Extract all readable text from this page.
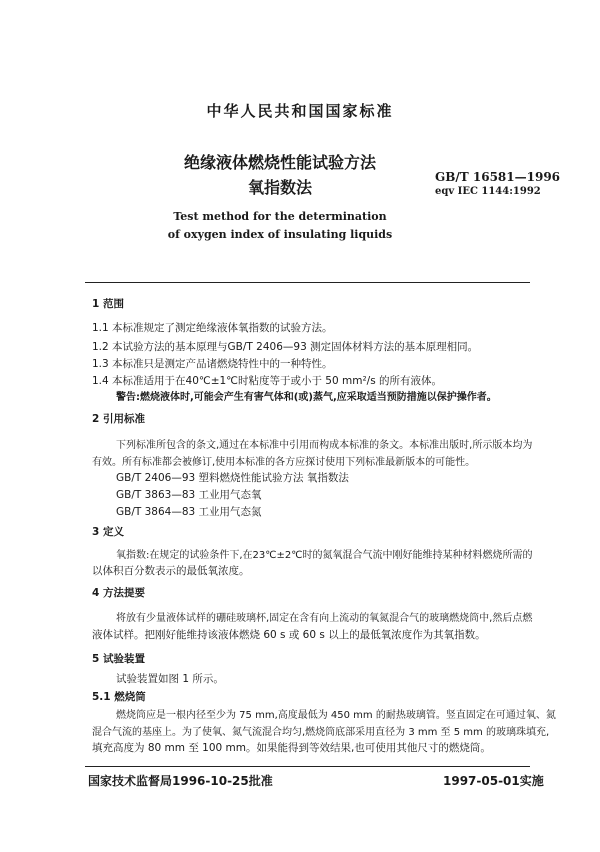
中华人民共和国国家标准
绝缘液体燃烧性能试验方法
氧指数法
Test method for the determination
of oxygen index of insulating liquids
GB/T 16581—1996
eqv IEC 1144:1992
1 范围
1.1 本标准规定了测定绝缘液体氧指数的试验方法。
1.2 本试验方法的基本原理与GB/T 2406—93 测定固体材料方法的基本原理相同。
1.3 本标准只是测定产品诸燃烧特性中的一种特性。
1.4 本标准适用于在40℃±1℃时粘度等于或小于 50 mm²/s 的所有液体。
警告:燃烧液体时,可能会产生有害气体和(或)蒸气,应采取适当预防措施以保护操作者。
2 引用标准
下列标准所包含的条文,通过在本标准中引用而构成本标准的条文。本标准出版时,所示版本均为
有效。所有标准都会被修订,使用本标准的各方应探讨使用下列标准最新版本的可能性。
GB/T 2406—93 塑料燃烧性能试验方法 氧指数法
GB/T 3863—83 工业用气态氧
GB/T 3864—83 工业用气态氮
3 定义
氧指数:在规定的试验条件下,在23℃±2℃时的氮氧混合气流中刚好能维持某种材料燃烧所需的
以体积百分数表示的最低氧浓度。
4 方法提要
将放有少量液体试样的硼硅玻璃杯,固定在含有向上流动的氧氮混合气的玻璃燃烧筒中,然后点燃
液体试样。把刚好能维持该液体燃烧 60 s 或 60 s 以上的最低氧浓度作为其氧指数。
5 试验装置
试验装置如图 1 所示。
5.1 燃烧筒
燃烧筒应是一根内径至少为 75 mm,高度最低为 450 mm 的耐热玻璃管。竖直固定在可通过氧、氮
混合气流的基座上。为了使氧、氮气流混合均匀,燃烧筒底部采用直径为 3 mm 至 5 mm 的玻璃珠填充,
填充高度为 80 mm 至 100 mm。如果能得到等效结果,也可使用其他尺寸的燃烧筒。
国家技术监督局1996-10-25批准	1997-05-01实施
